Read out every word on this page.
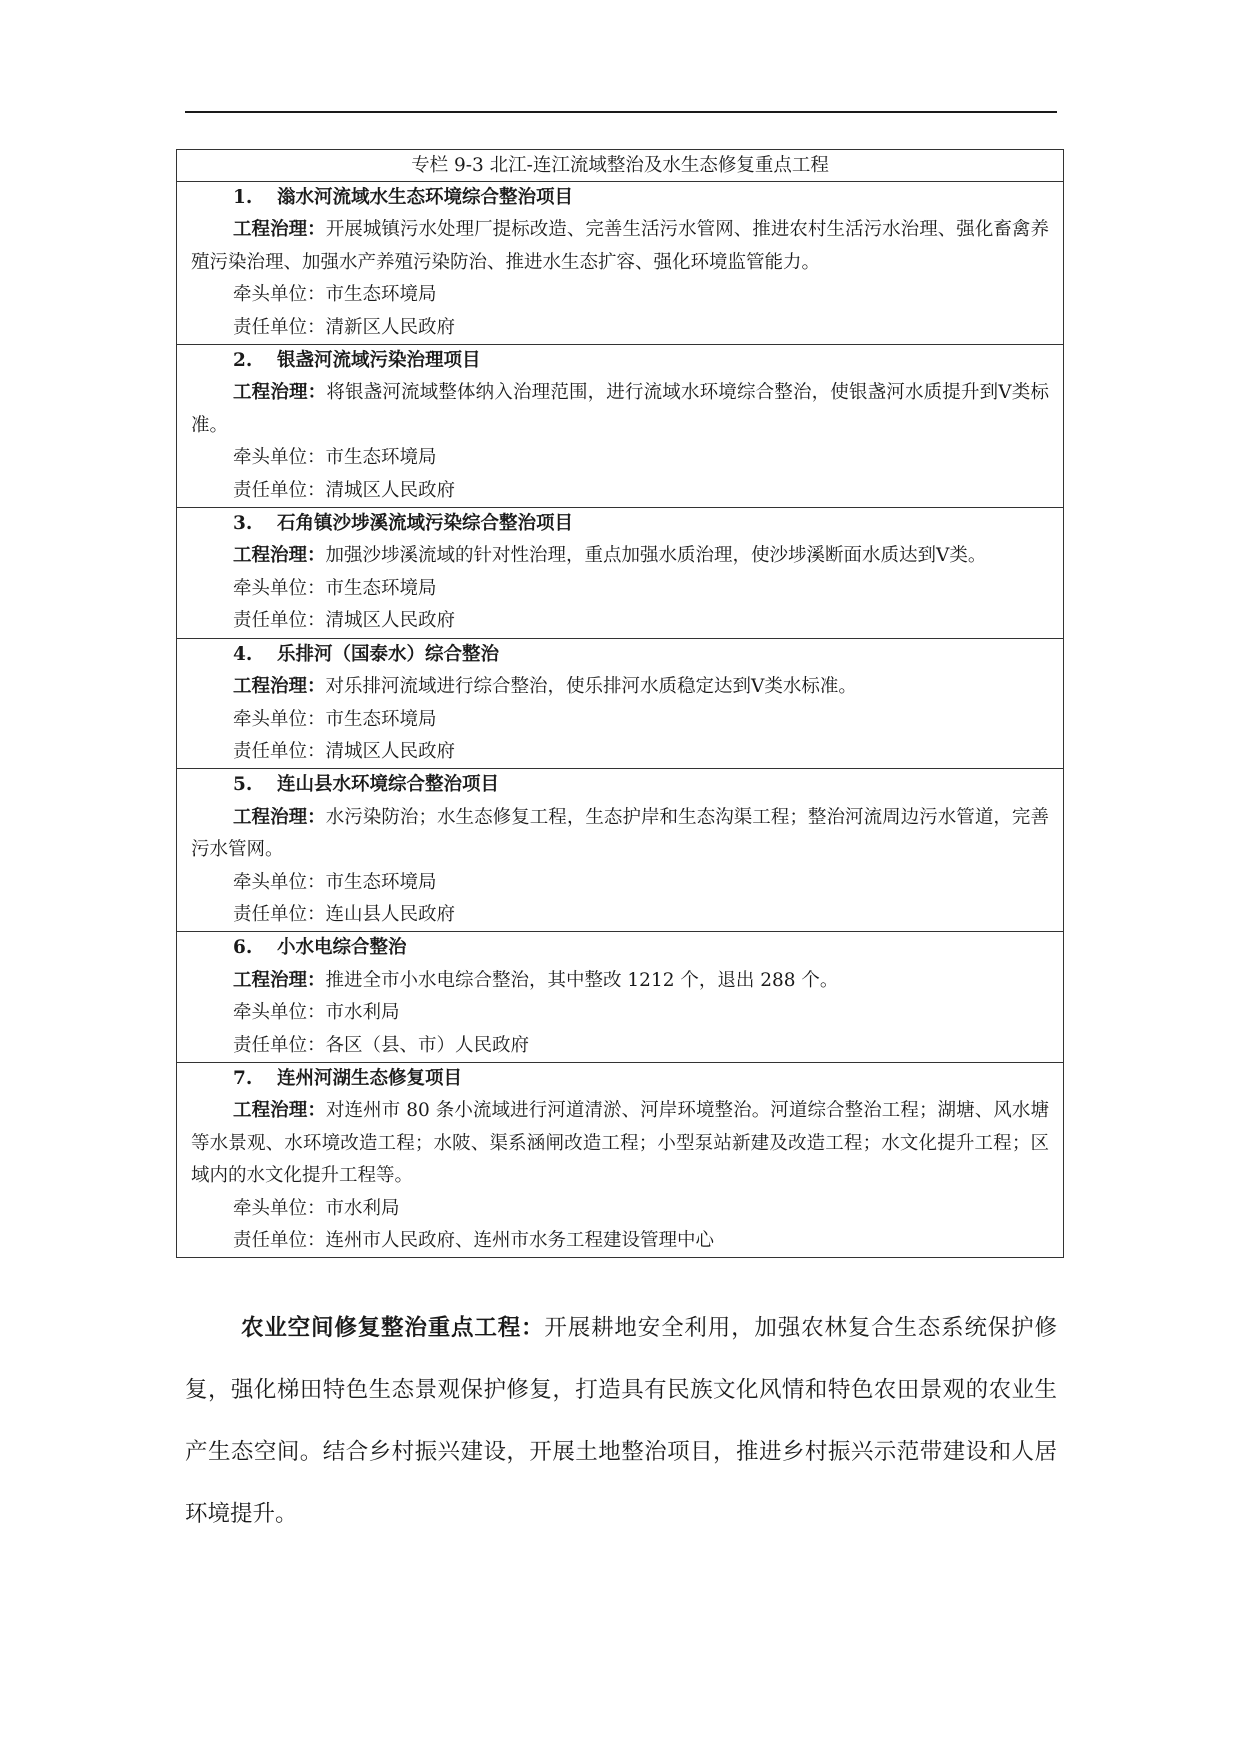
专栏 9-3 北江-连江流域整治及水生态修复重点工程

1. 滃水河流域水生态环境综合整治项目
工程治理：开展城镇污水处理厂提标改造、完善生活污水管网、推进农村生活污水治理、强化畜禽养殖污染治理、加强水产养殖污染防治、推进水生态扩容、强化环境监管能力。
牵头单位：市生态环境局
责任单位：清新区人民政府

2. 银盏河流域污染治理项目
工程治理：将银盏河流域整体纳入治理范围，进行流域水环境综合整治，使银盏河水质提升到Ⅴ类标准。
牵头单位：市生态环境局
责任单位：清城区人民政府

3. 石角镇沙埗溪流域污染综合整治项目
工程治理：加强沙埗溪流域的针对性治理，重点加强水质治理，使沙埗溪断面水质达到Ⅴ类。
牵头单位：市生态环境局
责任单位：清城区人民政府

4. 乐排河（国泰水）综合整治
工程治理：对乐排河流域进行综合整治，使乐排河水质稳定达到Ⅴ类水标准。
牵头单位：市生态环境局
责任单位：清城区人民政府

5. 连山县水环境综合整治项目
工程治理：水污染防治；水生态修复工程，生态护岸和生态沟渠工程；整治河流周边污水管道，完善污水管网。
牵头单位：市生态环境局
责任单位：连山县人民政府

6. 小水电综合整治
工程治理：推进全市小水电综合整治，其中整改 1212 个，退出 288 个。
牵头单位：市水利局
责任单位：各区（县、市）人民政府

7. 连州河湖生态修复项目
工程治理：对连州市 80 条小流域进行河道清淤、河岸环境整治。河道综合整治工程；湖塘、风水塘等水景观、水环境改造工程；水陂、渠系涵闸改造工程；小型泵站新建及改造工程；水文化提升工程；区域内的水文化提升工程等。
牵头单位：市水利局
责任单位：连州市人民政府、连州市水务工程建设管理中心

农业空间修复整治重点工程：开展耕地安全利用，加强农林复合生态系统保护修复，强化梯田特色生态景观保护修复，打造具有民族文化风情和特色农田景观的农业生产生态空间。结合乡村振兴建设，开展土地整治项目，推进乡村振兴示范带建设和人居环境提升。
